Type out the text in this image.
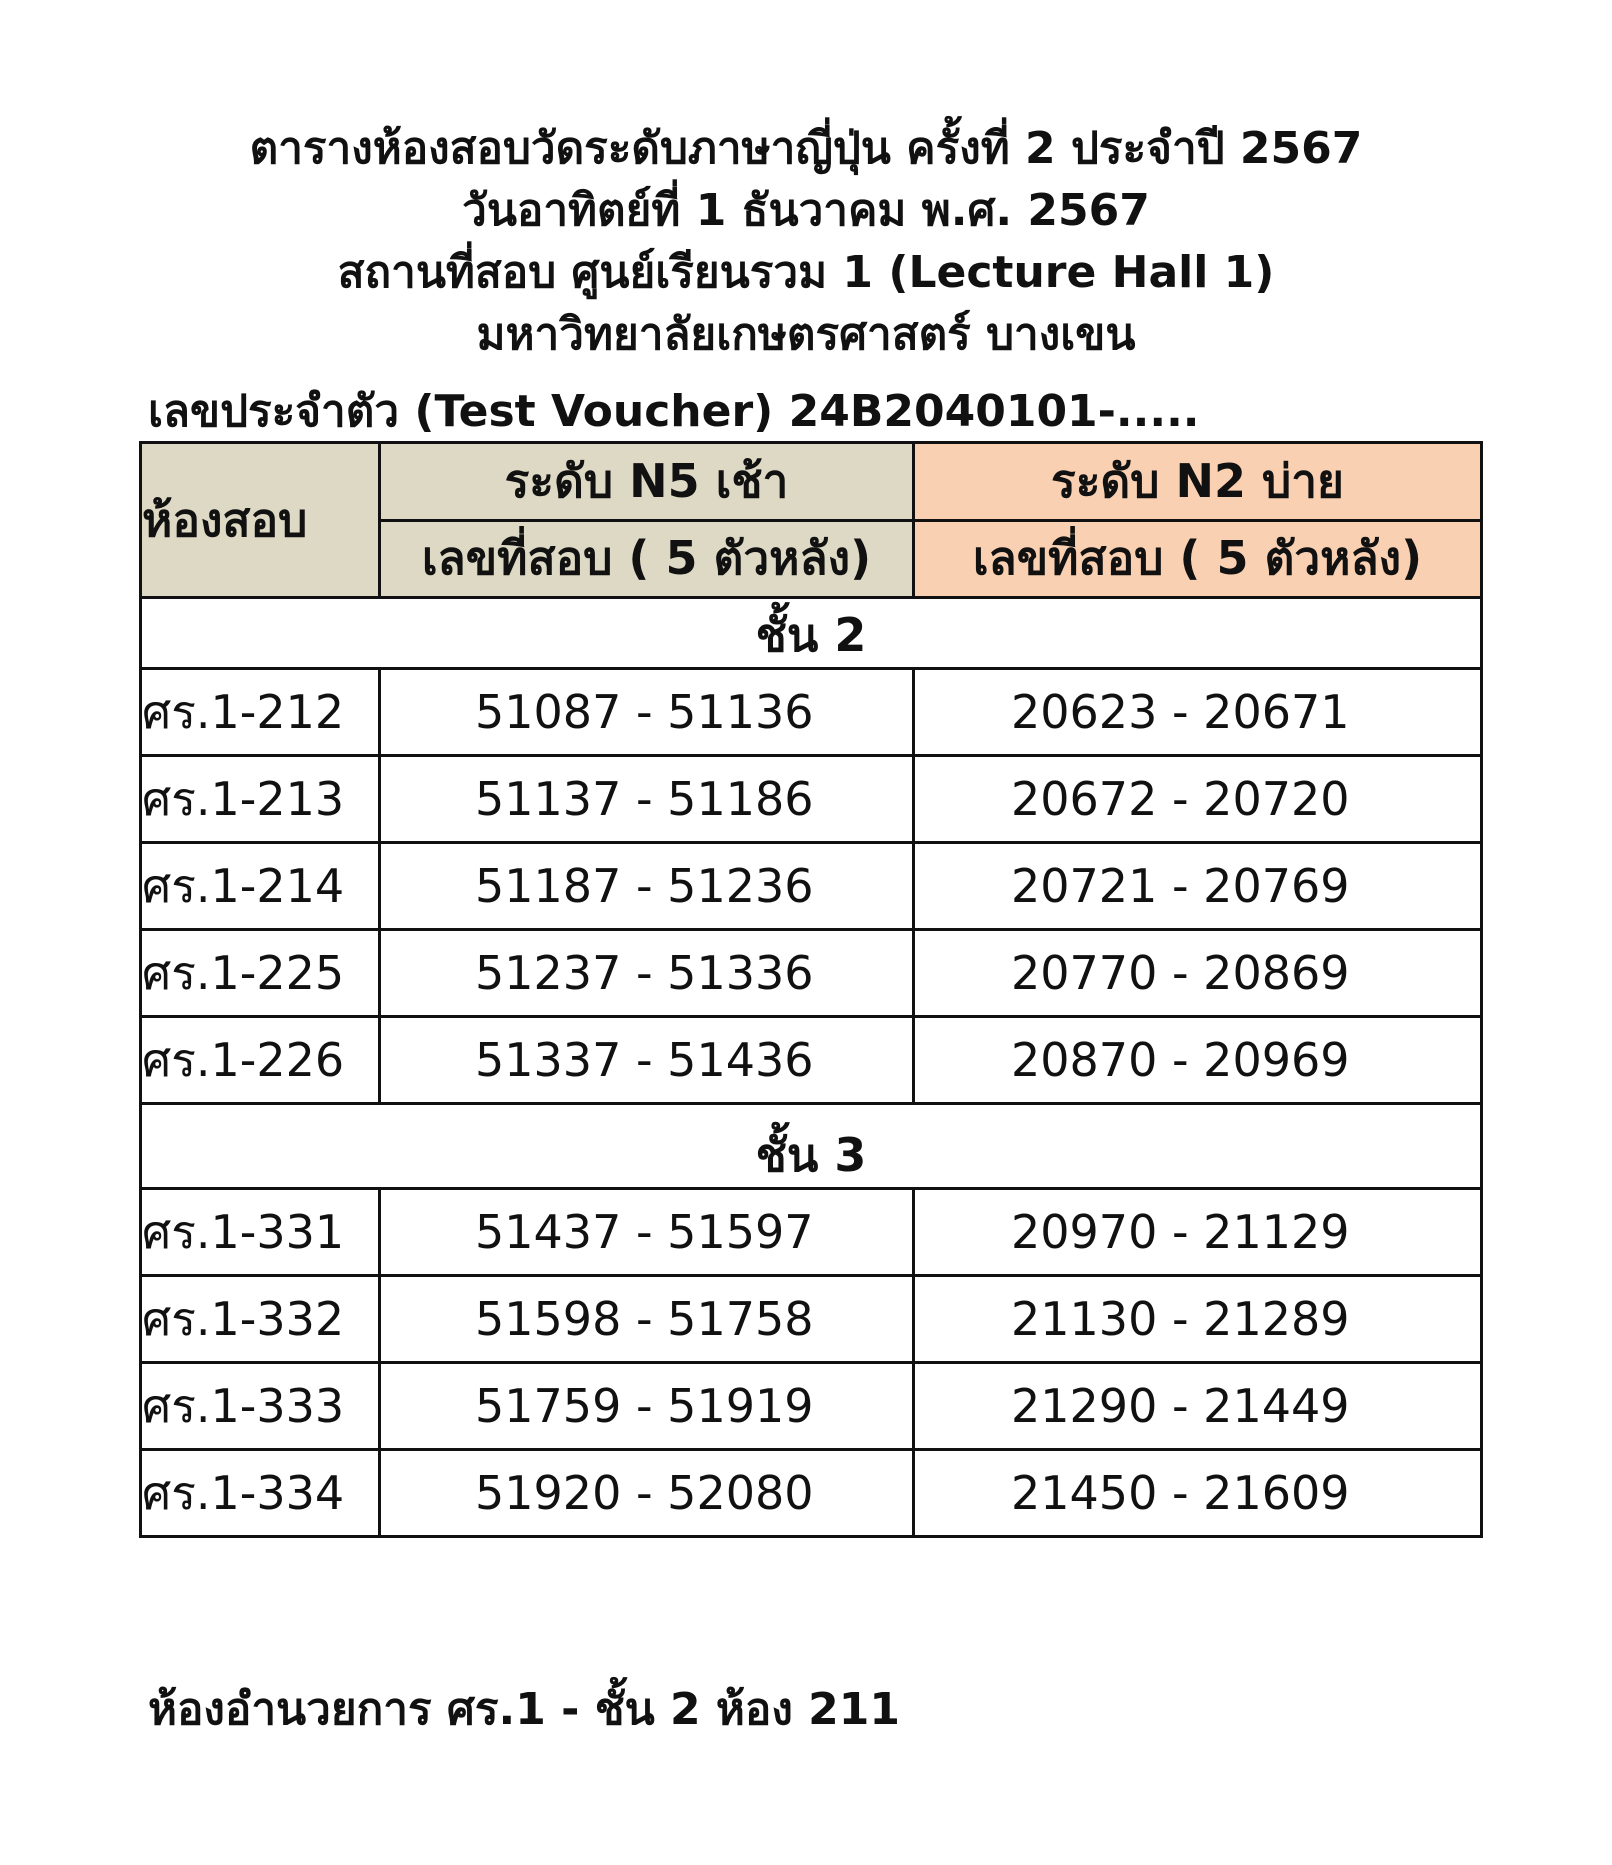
ตารางห้องสอบวัดระดับภาษาญี่ปุ่น ครั้งที่ 2 ประจำปี 2567
วันอาทิตย์ที่ 1 ธันวาคม พ.ศ. 2567
สถานที่สอบ ศูนย์เรียนรวม 1 (Lecture Hall 1)
มหาวิทยาลัยเกษตรศาสตร์ บางเขน
เลขประจำตัว (Test Voucher) 24B2040101-.....
ห้องสอบ	ระดับ N5 เช้า	ระดับ N2 บ่าย
	เลขที่สอบ ( 5 ตัวหลัง)	เลขที่สอบ ( 5 ตัวหลัง)
ชั้น 2		
ศร.1-212	51087 - 51136	20623 - 20671
ศร.1-213	51137 - 51186	20672 - 20720
ศร.1-214	51187 - 51236	20721 - 20769
ศร.1-225	51237 - 51336	20770 - 20869
ศร.1-226	51337 - 51436	20870 - 20969
ชั้น 3		
ศร.1-331	51437 - 51597	20970 - 21129
ศร.1-332	51598 - 51758	21130 - 21289
ศร.1-333	51759 - 51919	21290 - 21449
ศร.1-334	51920 - 52080	21450 - 21609
ห้องอำนวยการ ศร.1 - ชั้น 2 ห้อง 211
